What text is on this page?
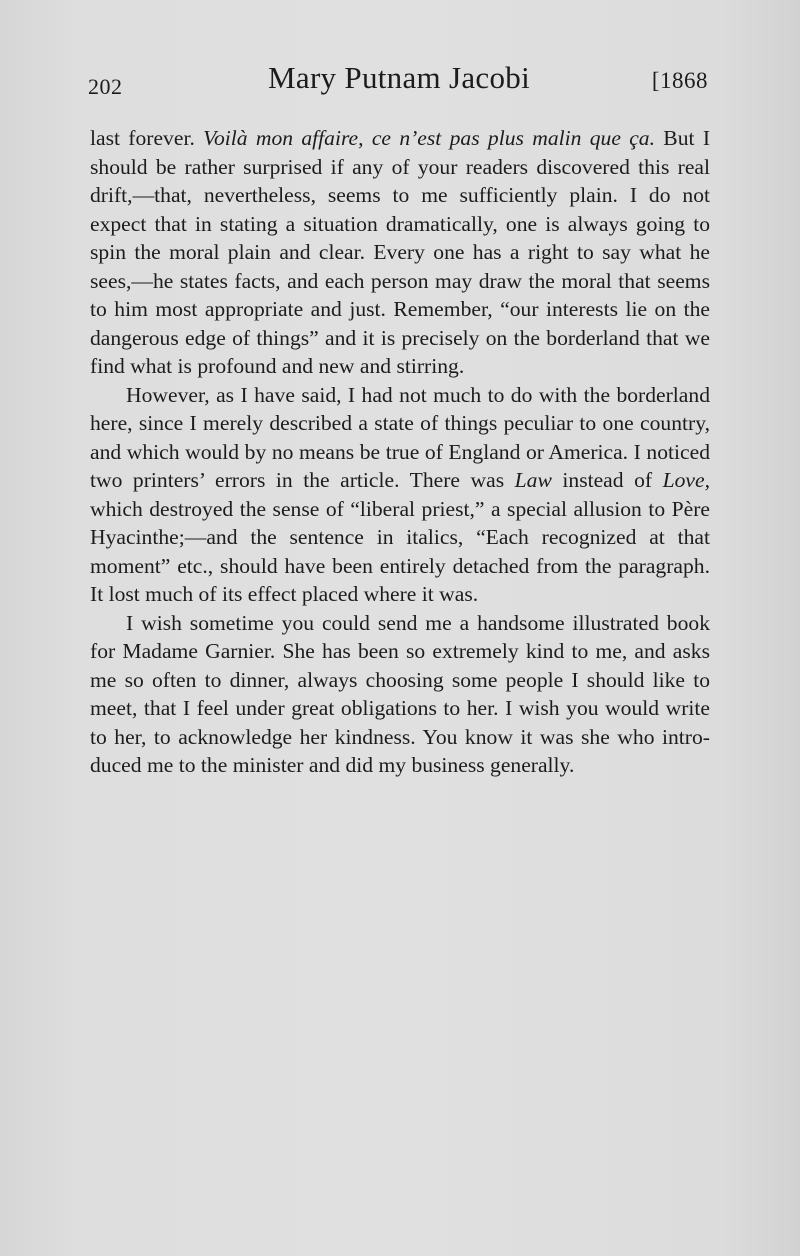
202	Mary Putnam Jacobi	[1868

last forever. Voilà mon affaire, ce n’est pas plus malin que ça. But I should be rather surprised if any of your readers discovered this real drift,—that, nevertheless, seems to me sufficiently plain. I do not expect that in stating a situation dramatically, one is always going to spin the moral plain and clear. Every one has a right to say what he sees,—he states facts, and each person may draw the moral that seems to him most appropriate and just. Remember, “our interests lie on the dangerous edge of things” and it is precisely on the borderland that we find what is profound and new and stirring.

However, as I have said, I had not much to do with the borderland here, since I merely described a state of things peculiar to one country, and which would by no means be true of England or America. I noticed two printers’ errors in the article. There was Law instead of Love, which destroyed the sense of “liberal priest,” a special allusion to Père Hyacinthe;—and the sentence in italics, “Each recognized at that moment” etc., should have been entirely detached from the paragraph. It lost much of its effect placed where it was.

I wish sometime you could send me a handsome illustrated book for Madame Garnier. She has been so extremely kind to me, and asks me so often to dinner, always choosing some people I should like to meet, that I feel under great obligations to her. I wish you would write to her, to acknowledge her kindness. You know it was she who introduced me to the minister and did my business generally.
